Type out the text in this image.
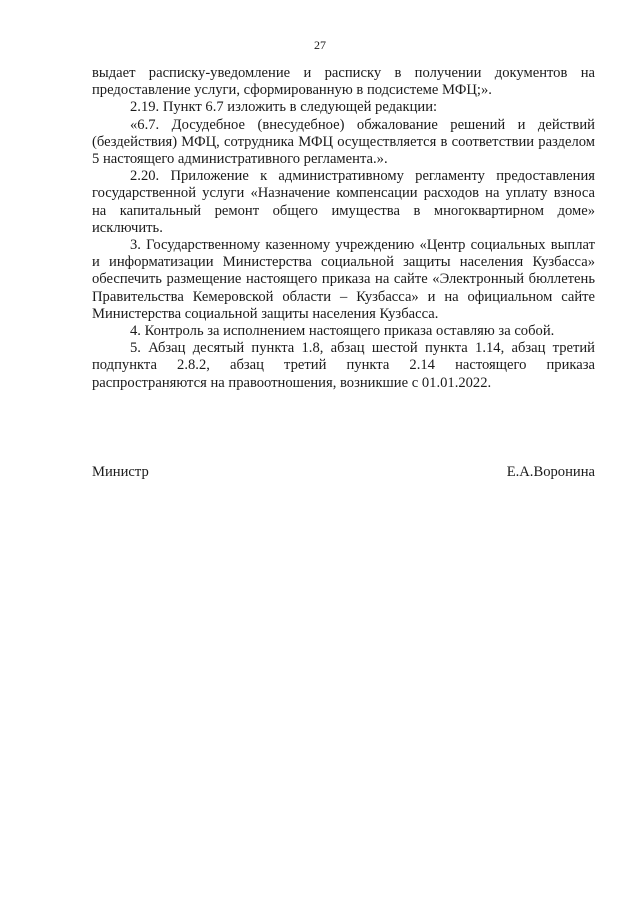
27

выдает расписку-уведомление и расписку в получении документов на предоставление услуги, сформированную в подсистеме МФЦ;».

2.19. Пункт 6.7 изложить в следующей редакции:

«6.7. Досудебное (внесудебное) обжалование решений и действий (бездействия) МФЦ, сотрудника МФЦ осуществляется в соответствии разделом 5 настоящего административного регламента.».

2.20. Приложение к административному регламенту предоставления государственной услуги «Назначение компенсации расходов на уплату взноса на капитальный ремонт общего имущества в многоквартирном доме» исключить.

3. Государственному казенному учреждению «Центр социальных выплат и информатизации Министерства социальной защиты населения Кузбасса» обеспечить размещение настоящего приказа на сайте «Электронный бюллетень Правительства Кемеровской области – Кузбасса» и на официальном сайте Министерства социальной защиты населения Кузбасса.

4. Контроль за исполнением настоящего приказа оставляю за собой.

5. Абзац десятый пункта 1.8, абзац шестой пункта 1.14, абзац третий подпункта 2.8.2, абзац третий пункта 2.14 настоящего приказа распространяются на правоотношения, возникшие с 01.01.2022.

Министр	Е.А.Воронина
